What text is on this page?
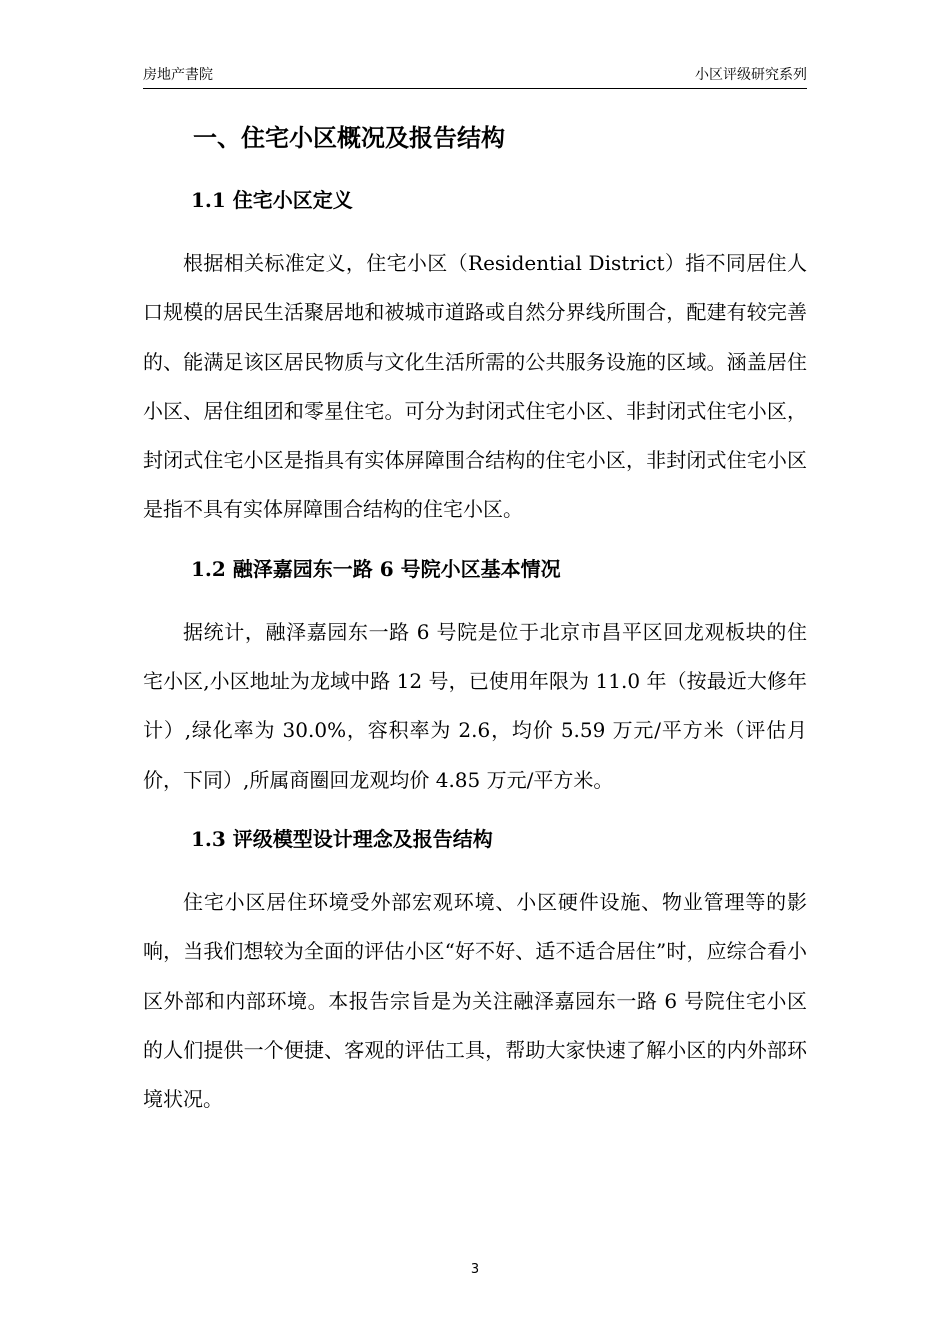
房地产書院	小区评级研究系列
一、住宅小区概况及报告结构
1.1 住宅小区定义

根据相关标准定义，住宅小区（Residential District）指不同居住人口规模的居民生活聚居地和被城市道路或自然分界线所围合，配建有较完善的、能满足该区居民物质与文化生活所需的公共服务设施的区域。涵盖居住小区、居住组团和零星住宅。可分为封闭式住宅小区、非封闭式住宅小区，封闭式住宅小区是指具有实体屏障围合结构的住宅小区，非封闭式住宅小区是指不具有实体屏障围合结构的住宅小区。

1.2 融泽嘉园东一路 6 号院小区基本情况

据统计，融泽嘉园东一路 6 号院是位于北京市昌平区回龙观板块的住宅小区,小区地址为龙域中路 12 号，已使用年限为 11.0 年（按最近大修年计）,绿化率为 30.0%，容积率为 2.6，均价 5.59 万元/平方米（评估月价，下同）,所属商圈回龙观均价 4.85 万元/平方米。

1.3 评级模型设计理念及报告结构

住宅小区居住环境受外部宏观环境、小区硬件设施、物业管理等的影响，当我们想较为全面的评估小区“好不好、适不适合居住”时，应综合看小区外部和内部环境。本报告宗旨是为关注融泽嘉园东一路 6 号院住宅小区的人们提供一个便捷、客观的评估工具，帮助大家快速了解小区的内外部环境状况。

3
